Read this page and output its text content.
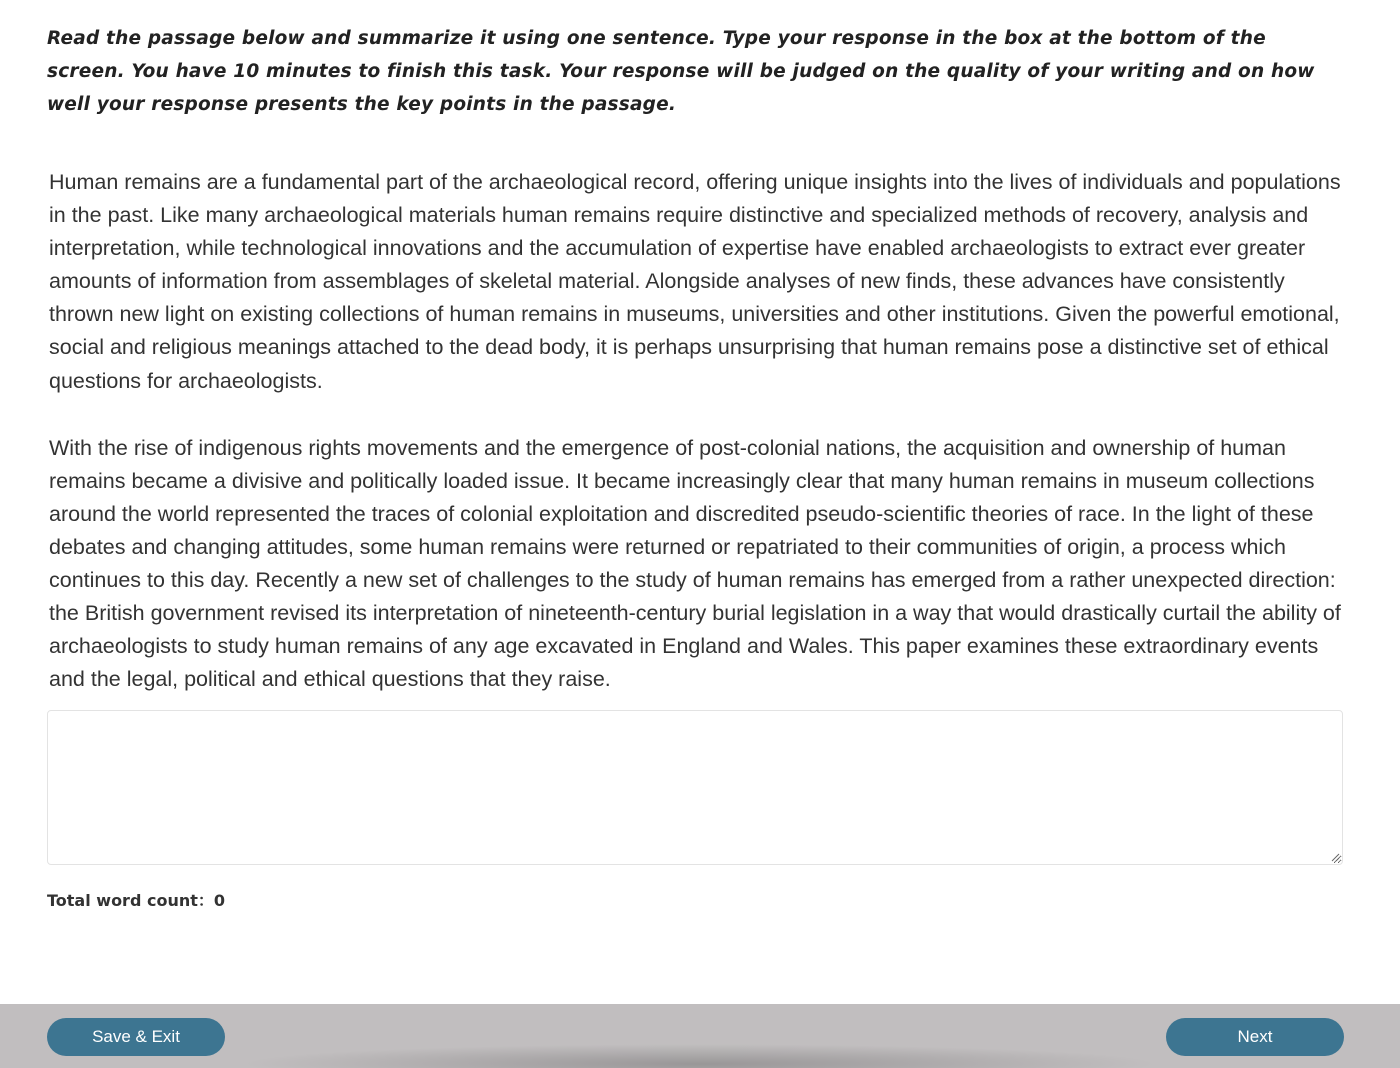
Read the passage below and summarize it using one sentence. Type your response in the box at the bottom of the screen. You have 10 minutes to finish this task. Your response will be judged on the quality of your writing and on how well your response presents the key points in the passage.

Human remains are a fundamental part of the archaeological record, offering unique insights into the lives of individuals and populations in the past. Like many archaeological materials human remains require distinctive and specialized methods of recovery, analysis and interpretation, while technological innovations and the accumulation of expertise have enabled archaeologists to extract ever greater amounts of information from assemblages of skeletal material. Alongside analyses of new finds, these advances have consistently thrown new light on existing collections of human remains in museums, universities and other institutions. Given the powerful emotional, social and religious meanings attached to the dead body, it is perhaps unsurprising that human remains pose a distinctive set of ethical questions for archaeologists.

With the rise of indigenous rights movements and the emergence of post-colonial nations, the acquisition and ownership of human remains became a divisive and politically loaded issue. It became increasingly clear that many human remains in museum collections around the world represented the traces of colonial exploitation and discredited pseudo-scientific theories of race. In the light of these debates and changing attitudes, some human remains were returned or repatriated to their communities of origin, a process which continues to this day. Recently a new set of challenges to the study of human remains has emerged from a rather unexpected direction: the British government revised its interpretation of nineteenth-century burial legislation in a way that would drastically curtail the ability of archaeologists to study human remains of any age excavated in England and Wales. This paper examines these extraordinary events and the legal, political and ethical questions that they raise.

Total word count：0
Save & Exit	Next
